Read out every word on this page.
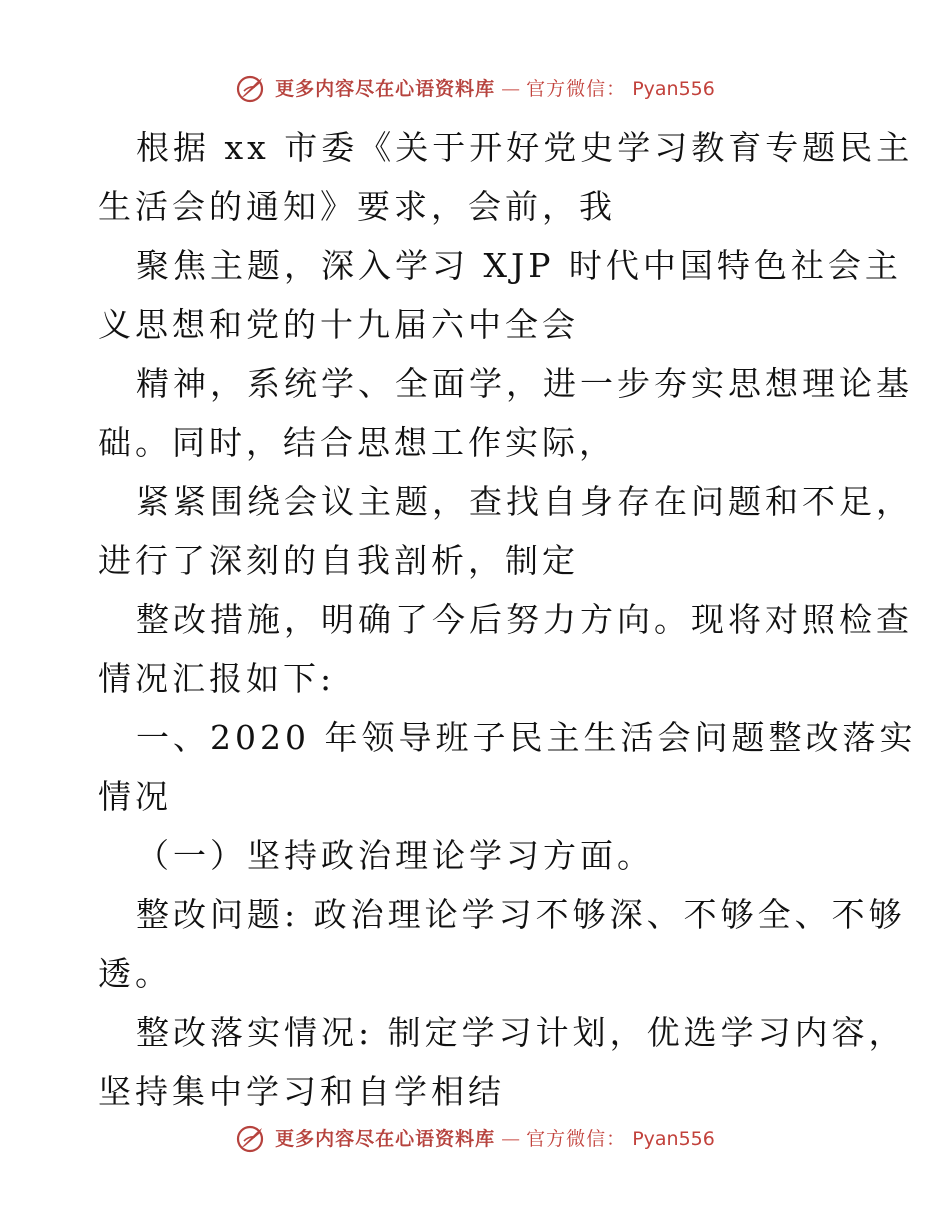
更多内容尽在心语资料库 — 官方微信： Pyan556
根据 xx 市委《关于开好党史学习教育专题民主
生活会的通知》要求，会前，我
聚焦主题，深入学习 XJP 时代中国特色社会主
义思想和党的十九届六中全会
精神，系统学、全面学，进一步夯实思想理论基
础。同时，结合思想工作实际，
紧紧围绕会议主题，查找自身存在问题和不足，
进行了深刻的自我剖析，制定
整改措施，明确了今后努力方向。现将对照检查
情况汇报如下:
一、2020 年领导班子民主生活会问题整改落实
情况
（一）坚持政治理论学习方面。
整改问题: 政治理论学习不够深、不够全、不够
透。
整改落实情况: 制定学习计划，优选学习内容，
坚持集中学习和自学相结
更多内容尽在心语资料库 — 官方微信： Pyan556
